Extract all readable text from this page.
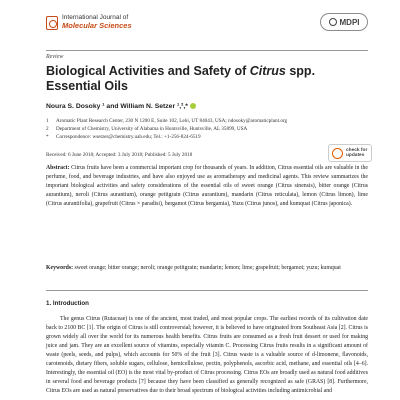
International Journal of
Molecular Sciences	MDPI
Review
Biological Activities and Safety of Citrus spp. Essential Oils
Noura S. Dosoky ¹ and William N. Setzer ¹,²,*
1 Aromatic Plant Research Center, 230 N 1200 E, Suite 102, Lehi, UT 84043, USA; ndosoky@aromaticplant.org
2 Department of Chemistry, University of Alabama in Huntsville, Huntsville, AL 35899, USA
* Correspondence: wsetzer@chemistry.uah.edu; Tel.: +1-256-824-6519
Received: 6 June 2018; Accepted: 3 July 2018; Published: 5 July 2018
check for
updates
Abstract: Citrus fruits have been a commercial important crop for thousands of years. In addition, Citrus essential oils are valuable in the perfume, food, and beverage industries, and have also enjoyed use as aromatherapy and medicinal agents. This review summarizes the important biological activities and safety considerations of the essential oils of sweet orange (Citrus sinensis), bitter orange (Citrus aurantium), neroli (Citrus aurantium), orange petitgrain (Citrus aurantium), mandarin (Citrus reticulata), lemon (Citrus limon), lime (Citrus aurantifolia), grapefruit (Citrus × paradisi), bergamot (Citrus bergamia), Yuzu (Citrus junos), and kumquat (Citrus japonica).
Keywords: sweet orange; bitter orange; neroli; orange petitgrain; mandarin; lemon; lime; grapefruit; bergamot; yuzu; kumquat
1. Introduction
The genus Citrus (Rutaceae) is one of the ancient, most traded, and most popular crops. The earliest records of its cultivation date back to 2100 BC [1]. The origin of Citrus is still controversial; however, it is believed to have originated from Southeast Asia [2]. Citrus is grown widely all over the world for its numerous health benefits. Citrus fruits are consumed as a fresh fruit dessert or used for making juice and jam. They are an excellent source of vitamins, especially vitamin C. Processing Citrus fruits results in a significant amount of waste (peels, seeds, and pulps), which accounts for 50% of the fruit [3]. Citrus waste is a valuable source of d-limonene, flavonoids, carotenoids, dietary fibers, soluble sugars, cellulose, hemicellulose, pectin, polyphenols, ascorbic acid, methane, and essential oils [4–6]. Interestingly, the essential oil (EO) is the most vital by-product of Citrus processing. Citrus EOs are broadly used as natural food additives in several food and beverage products [7] because they have been classified as generally recognized as safe (GRAS) [8]. Furthermore, Citrus EOs are used as natural preservatives due to their broad spectrum of biological activities including antimicrobial and
